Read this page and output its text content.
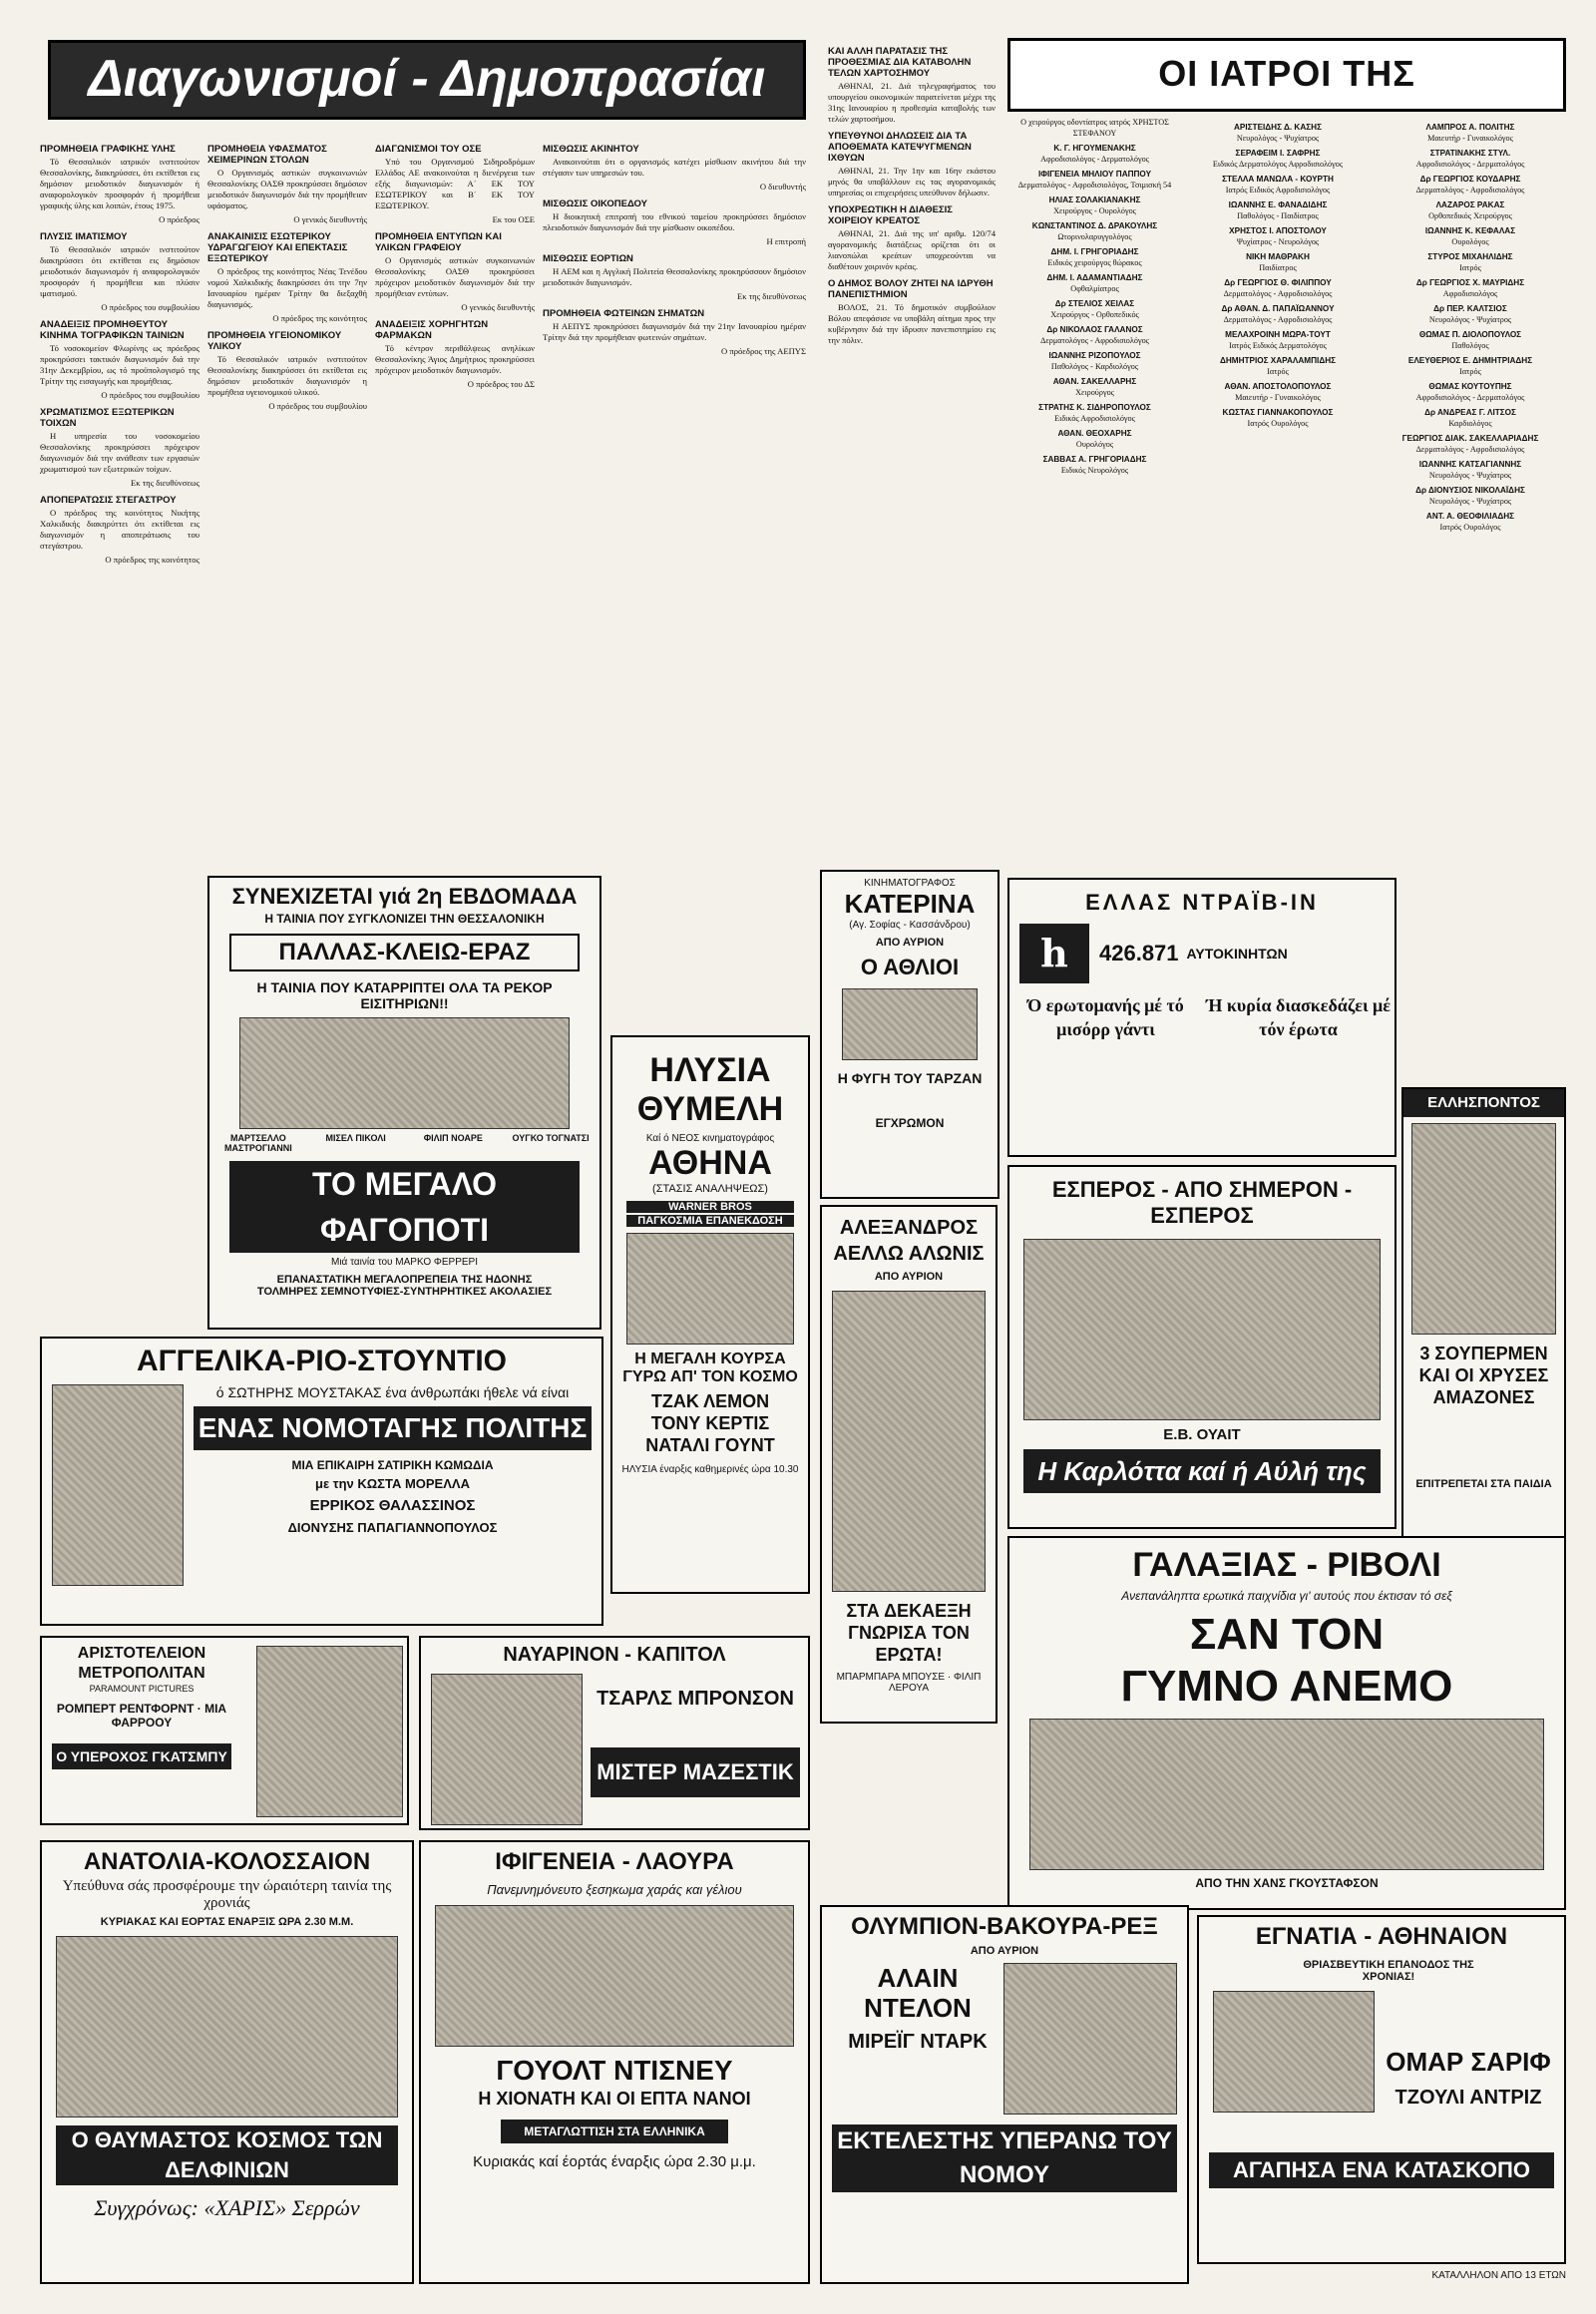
Διαγωνισμοί - Δημοπρασίαι
ΠΡΟΜΗΘΕΙΑ ΓΡΑΦΙΚΗΣ ΥΛΗΣ

Τό Θεσσαλικόν ιατρικόν ινστιτούτον Θεσσαλονίκης, διακηρύσσει, ότι εκτίθεται εις δημόσιον μειοδοτικόν διαγωνισμόν ή αναφορολογικόν προσφοράν ή προμήθεια γραφικής ύλης και λοιπών, έτους 1975.

Ο πρόεδρος
ΠΛΥΣΙΣ ΙΜΑΤΙΣΜΟΥ

Τό Θεσσαλικόν ιατρικόν ινστιτούτον διακηρύσσει ότι εκτίθεται εις δημόσιον μειοδοτικόν διαγωνισμόν ή αναφορολογικόν προσφοράν ή προμήθεια και πλύσιν ιματισμού.

Ο πρόεδρος του συμβουλίου
ΑΝΑΔΕΙΞΙΣ ΠΡΟΜΗΘΕΥΤΟΥ ΚΙΝΗΜΑ ΤΟΓΡΑΦΙΚΩΝ ΤΑΙΝΙΩΝ

Τό νοσοκομείον Φλωρίνης ως πρόεδρος προκηρύσσει τακτικόν διαγωνισμόν διά την 31ην Δεκεμβρίου, ως τό προϋπολογισμό της Τρίτην της εισαγωγής και προμήθειας.

Ο πρόεδρος του συμβουλίου
ΧΡΩΜΑΤΙΣΜΟΣ ΕΞΩΤΕΡΙΚΩΝ ΤΟΙΧΩΝ

Η υπηρεσία του νοσοκομείου Θεσσαλονίκης προκηρύσσει πρόχειρον διαγωνισμόν διά την ανάθεσιν των εργασιών χρωματισμού των εξωτερικών τοίχων.

Εκ της διευθύνσεως
ΑΠΟΠΕΡΑΤΩΣΙΣ ΣΤΕΓΑΣΤΡΟΥ

Ο πρόεδρος της κοινότητος Νικήτης Χαλκιδικής διακηρύττει ότι εκτίθεται εις διαγωνισμόν η αποπεράτωσις του στεγάστρου.

Ο πρόεδρος της κοινότητος
ΠΡΟΜΗΘΕΙΑ ΥΦΑΣΜΑΤΟΣ ΧΕΙΜΕΡΙΝΩΝ ΣΤΟΛΩΝ

Ο Οργανισμός αστικών συγκοινωνιών Θεσσαλονίκης ΟΑΣΘ προκηρύσσει δημόσιον μειοδοτικόν διαγωνισμόν διά την προμήθειαν υφάσματος.

Ο γενικός διευθυντής
ΑΝΑΚΑΙΝΙΣΙΣ ΕΣΩΤΕΡΙΚΟΥ ΥΔΡΑΓΩΓΕΙΟΥ ΚΑΙ ΕΠΕΚΤΑΣΙΣ ΕΞΩΤΕΡΙΚΟΥ

Ο πρόεδρος της κοινότητος Νέας Τενέδου νομού Χαλκιδικής διακηρύσσει ότι την 7ην Ιανουαρίου ημέραν Τρίτην θα διεξαχθή διαγωνισμός.

Ο πρόεδρος της κοινότητος
ΠΡΟΜΗΘΕΙΑ ΥΓΕΙΟΝΟΜΙΚΟΥ ΥΛΙΚΟΥ

Τό Θεσσαλικόν ιατρικόν ινστιτούτον Θεσσαλονίκης διακηρύσσει ότι εκτίθεται εις δημόσιον μειοδοτικόν διαγωνισμόν η προμήθεια υγειονομικού υλικού.

Ο πρόεδρος του συμβουλίου
ΔΙΑΓΩΝΙΣΜΟΙ ΤΟΥ ΟΣΕ

Υπό του Οργανισμού Σιδηροδρόμων Ελλάδος ΑΕ ανακοινούται η διενέργεια των εξής διαγωνισμών: Α΄ ΕΚ ΤΟΥ ΕΣΩΤΕΡΙΚΟΥ και Β΄ ΕΚ ΤΟΥ ΕΞΩΤΕΡΙΚΟΥ.

Εκ του ΟΣΕ
ΠΡΟΜΗΘΕΙΑ ΕΝΤΥΠΩΝ ΚΑΙ ΥΛΙΚΩΝ ΓΡΑΦΕΙΟΥ

Ο Οργανισμός αστικών συγκοινωνιών Θεσσαλονίκης ΟΑΣΘ προκηρύσσει πρόχειρον μειοδοτικόν διαγωνισμόν διά την προμήθειαν εντύπων.

Ο γενικός διευθυντής
ΑΝΑΔΕΙΞΙΣ ΧΟΡΗΓΗΤΩΝ ΦΑΡΜΑΚΩΝ

Τό κέντρον περιθάλψεως ανηλίκων Θεσσαλονίκης Άγιος Δημήτριος προκηρύσσει πρόχειρον μειοδοτικόν διαγωνισμόν.

Ο πρόεδρος του ΔΣ
ΜΙΣΘΩΣΙΣ ΑΚΙΝΗΤΟΥ

Ανακοινούται ότι ο οργανισμός κατέχει μίσθωσιν ακινήτου διά την στέγασιν των υπηρεσιών του.

Ο διευθυντής
ΜΙΣΘΩΣΙΣ ΟΙΚΟΠΕΔΟΥ

Η διοικητική επιτροπή του εθνικού ταμείου προκηρύσσει δημόσιον πλειοδοτικόν διαγωνισμόν διά την μίσθωσιν οικοπέδου.

Η επιτροπή
ΜΙΣΘΩΣΙΣ ΕΟΡΤΙΩΝ

Η ΑΕΜ και η Αγγλική Πολιτεία Θεσσαλονίκης προκηρύσσουν δημόσιον μειοδοτικόν διαγωνισμόν.

Εκ της διευθύνσεως
ΠΡΟΜΗΘΕΙΑ ΦΩΤΕΙΝΩΝ ΣΗΜΑΤΩΝ

Η ΑΕΠΥΣ προκηρύσσει διαγωνισμόν διά την 21ην Ιανουαρίου ημέραν Τρίτην διά την προμήθειαν φωτεινών σημάτων.

Ο πρόεδρος της ΑΕΠΥΣ
ΚΑΙ ΑΛΛΗ ΠΑΡΑΤΑΣΙΣ ΤΗΣ ΠΡΟΘΕΣΜΙΑΣ ΔΙΑ ΚΑΤΑΒΟΛΗΝ ΤΕΛΩΝ ΧΑΡΤΟΣΗΜΟΥ

ΑΘΗΝΑΙ, 21. Διά τηλεγραφήματος του υπουργείου οικονομικών παρατείνεται μέχρι της 31ης Ιανουαρίου η προθεσμία καταβολής των τελών χαρτοσήμου.

ΥΠΕΥΘΥΝΟΙ ΔΗΛΩΣΕΙΣ ΔΙΑ ΤΑ ΑΠΟΘΕΜΑΤΑ ΚΑΤΕΨΥΓΜΕΝΩΝ ΙΧΘΥΩΝ

ΑΘΗΝΑΙ, 21. Την 1ην και 16ην εκάστου μηνός θα υποβάλλουν εις τας αγορανομικάς υπηρεσίας οι επιχειρήσεις υπεύθυνον δήλωσιν.

ΥΠΟΧΡΕΩΤΙΚΗ Η ΔΙΑΘΕΣΙΣ ΧΟΙΡΕΙΟΥ ΚΡΕΑΤΟΣ

ΑΘΗΝΑΙ, 21. Διά της υπ' αριθμ. 120/74 αγορανομικής διατάξεως ορίζεται ότι οι λιανοπώλαι κρεάτων υποχρεούνται να διαθέτουν χοιρινόν κρέας.

Ο ΔΗΜΟΣ ΒΟΛΟΥ ΖΗΤΕΙ ΝΑ ΙΔΡΥΘΗ ΠΑΝΕΠΙΣΤΗΜΙΟΝ

ΒΟΛΟΣ, 21. Τό δημοτικόν συμβούλιον Βόλου απεφάσισε να υποβάλη αίτημα προς την κυβέρνησιν διά την ίδρυσιν πανεπιστημίου εις την πόλιν.

ΟΙ ΙΑΤΡΟΙ ΤΗΣ
Ο χειρούργος οδοντίατρος ιατρός ΧΡΗΣΤΟΣ ΣΤΕΦΑΝΟΥ
Κ. Γ. ΗΓΟΥΜΕΝΑΚΗΣ
Αφροδισιολόγος - Δερματολόγος
ΙΦΙΓΕΝΕΙΑ ΜΗΛΙΟΥ ΠΑΠΠΟΥ
Δερματολόγος - Αφροδισιολόγος, Τσιμισκή 54
ΗΛΙΑΣ ΣΟΛΑΚΙΑΝΑΚΗΣ
Χειρούργος - Ουρολόγος
ΚΩΝΣΤΑΝΤΙΝΟΣ Δ. ΔΡΑΚΟΥΛΗΣ
Ωτορινολαρυγγολόγος
ΔΗΜ. Ι. ΓΡΗΓΟΡΙΑΔΗΣ
Ειδικός χειρούργος θώρακος
ΔΗΜ. Ι. ΑΔΑΜΑΝΤΙΑΔΗΣ
Οφθαλμίατρος
Δρ ΣΤΕΛΙΟΣ ΧΕΙΛΑΣ
Χειρούργος - Ορθοπεδικός
Δρ ΝΙΚΟΛΑΟΣ ΓΑΛΑΝΟΣ
Δερματολόγος - Αφροδισιολόγος
ΙΩΑΝΝΗΣ ΡΙΖΟΠΟΥΛΟΣ
Παθολόγος - Καρδιολόγος
ΑΘΑΝ. ΣΑΚΕΛΛΑΡΗΣ
Χειρούργος
ΣΤΡΑΤΗΣ Κ. ΣΙΔΗΡΟΠΟΥΛΟΣ
Ειδικός Αφροδισιολόγος
ΑΘΑΝ. ΘΕΟΧΑΡΗΣ
Ουρολόγος
ΣΑΒΒΑΣ Α. ΓΡΗΓΟΡΙΑΔΗΣ
Ειδικός Νευρολόγος
ΑΡΙΣΤΕΙΔΗΣ Δ. ΚΑΣΗΣ
Νευρολόγος - Ψυχίατρος
ΣΕΡΑΦΕΙΜ Ι. ΣΑΦΡΗΣ
Ειδικός Δερματολόγος Αφροδισιολόγος
ΣΤΕΛΛΑ ΜΑΝΩΛΑ - ΚΟΥΡΤΗ
Ιατρός Ειδικός Αφροδισιολόγος
ΙΩΑΝΝΗΣ Ε. ΦΑΝΑΔΙΔΗΣ
Παθολόγος - Παιδίατρος
ΧΡΗΣΤΟΣ Ι. ΑΠΟΣΤΟΛΟΥ
Ψυχίατρος - Νευρολόγος
ΝΙΚΗ ΜΑΘΡΑΚΗ
Παιδίατρος
Δρ ΓΕΩΡΓΙΟΣ Θ. ΦΙΛΙΠΠΟΥ
Δερματολόγος - Αφροδισιολόγος
Δρ ΑΘΑΝ. Δ. ΠΑΠΑΪΩΑΝΝΟΥ
Δερματολόγος - Αφροδισιολόγος
ΜΕΛΑΧΡΟΙΝΗ ΜΩΡΑ-ΤΟΥΤ
Ιατρός Ειδικός Δερματολόγος
ΔΗΜΗΤΡΙΟΣ ΧΑΡΑΛΑΜΠΙΔΗΣ
Ιατρός
ΑΘΑΝ. ΑΠΟΣΤΟΛΟΠΟΥΛΟΣ
Μαιευτήρ - Γυναικολόγος
ΚΩΣΤΑΣ ΓΙΑΝΝΑΚΟΠΟΥΛΟΣ
Ιατρός Ουρολόγος
ΛΑΜΠΡΟΣ Α. ΠΟΛΙΤΗΣ
Μαιευτήρ - Γυναικολόγος
ΣΤΡΑΤΙΝΑΚΗΣ ΣΤΥΛ.
Αφροδισιολόγος - Δερματολόγος
Δρ ΓΕΩΡΓΙΟΣ ΚΟΥΔΑΡΗΣ
Δερματολόγος - Αφροδισιολόγος
ΛΑΖΑΡΟΣ ΡΑΚΑΣ
Ορθοπεδικός Χειρούργος
ΙΩΑΝΝΗΣ Κ. ΚΕΦΑΛΑΣ
Ουρολόγος
ΣΤΥΡΟΣ ΜΙΧΑΗΛΙΔΗΣ
Ιατρός
Δρ ΓΕΩΡΓΙΟΣ Χ. ΜΑΥΡΙΔΗΣ
Αφροδισιολόγος
Δρ ΠΕΡ. ΚΑΛΤΣΙΟΣ
Νευρολόγος - Ψυχίατρος
ΘΩΜΑΣ Π. ΔΙΟΛΟΠΟΥΛΟΣ
Παθολόγος
ΕΛΕΥΘΕΡΙΟΣ Ε. ΔΗΜΗΤΡΙΑΔΗΣ
Ιατρός
ΘΩΜΑΣ ΚΟΥΤΟΥΠΗΣ
Αφροδισιολόγος - Δερματολόγος
Δρ ΑΝΔΡΕΑΣ Γ. ΛΙΤΣΟΣ
Καρδιολόγος
ΓΕΩΡΓΙΟΣ ΔΙΑΚ. ΣΑΚΕΛΛΑΡΙΑΔΗΣ
Δερματολόγος - Αφροδισιολόγος
ΙΩΑΝΝΗΣ ΚΑΤΣΑΓΙΑΝΝΗΣ
Νευρολόγος - Ψυχίατρος
Δρ ΔΙΟΝΥΣΙΟΣ ΝΙΚΟΛΑΪΔΗΣ
Νευρολόγος - Ψυχίατρος
ΑΝΤ. Α. ΘΕΟΦΙΛΙΑΔΗΣ
Ιατρός Ουρολόγος
ΣΥΝΕΧΙΖΕΤΑΙ γιά 2η ΕΒΔΟΜΑΔΑ
Η ΤΑΙΝΙΑ ΠΟΥ ΣΥΓΚΛΟΝΙΖΕΙ ΤΗΝ ΘΕΣΣΑΛΟΝΙΚΗ
ΠΑΛΛΑΣ-ΚΛΕΙΩ-ΕΡΑΖ
Η ΤΑΙΝΙΑ ΠΟΥ ΚΑΤΑΡΡΙΠΤΕΙ ΟΛΑ ΤΑ ΡΕΚΟΡ ΕΙΣΙΤΗΡΙΩΝ!!
ΜΑΡΤΣΕΛΛΟ ΜΑΣΤΡΟΓΙΑΝΝΙ
ΜΙΣΕΛ ΠΙΚΟΛΙ	ΦΙΛΙΠ ΝΟΑΡΕ	ΟΥΓΚΟ ΤΟΓΝΑΤΣΙ
ΤΟ ΜΕΓΑΛΟ ΦΑΓΟΠΟΤΙ
Μιά ταινία του ΜΑΡΚΟ ΦΕΡΡΕΡΙ
ΕΠΑΝΑΣΤΑΤΙΚΗ ΜΕΓΑΛΟΠΡΕΠΕΙΑ ΤΗΣ ΗΔΟΝΗΣ
ΤΟΛΜΗΡΕΣ ΣΕΜΝΟΤΥΦΙΕΣ-ΣΥΝΤΗΡΗΤΙΚΕΣ ΑΚΟΛΑΣΙΕΣ
ΗΛΥΣΙΑ
ΘΥΜΕΛΗ
Καί ό ΝΕΟΣ κινηματογράφος
ΑΘΗΝΑ
(ΣΤΑΣΙΣ ΑΝΑΛΗΨΕΩΣ)
WARNER BROS
ΠΑΓΚΟΣΜΙΑ ΕΠΑΝΕΚΔΟΣΗ
Η ΜΕΓΑΛΗ ΚΟΥΡΣΑ ΓΥΡΩ ΑΠ' ΤΟΝ ΚΟΣΜΟ
ΤΖΑΚ ΛΕΜΟΝ
ΤΟΝΥ ΚΕΡΤΙΣ
ΝΑΤΑΛΙ ΓΟΥΝΤ
ΗΛΥΣΙΑ έναρξις καθημερινές ώρα 10.30
ΚΙΝΗΜΑΤΟΓΡΑΦΟΣ
ΚΑΤΕΡΙΝΑ
(Αγ. Σοφίας - Κασσάνδρου)
ΑΠΟ ΑΥΡΙΟΝ
Ο ΑΘΛΙΟΙ
Η ΦΥΓΗ ΤΟΥ ΤΑΡΖΑΝ
ΕΓΧΡΩΜΟΝ
ΕΛΛΑΣ ΝΤΡΑΪΒ-ΙΝ
h	426.871 ΑΥΤΟΚΙΝΗΤΩΝ
Ό ερωτομανής μέ τό μισόρρ γάντι
Ή κυρία διασκεδάζει μέ τόν έρωτα
ΕΛΛΗΣΠΟΝΤΟΣ
3 ΣΟΥΠΕΡΜΕΝ ΚΑΙ ΟΙ ΧΡΥΣΕΣ ΑΜΑΖΟΝΕΣ
ΕΠΙΤΡΕΠΕΤΑΙ ΣΤΑ ΠΑΙΔΙΑ
ΑΛΕΞΑΝΔΡΟΣ ΑΕΛΛΩ ΑΛΩΝΙΣ
ΑΠΟ ΑΥΡΙΟΝ
ΣΤΑ ΔΕΚΑΕΞΗ ΓΝΩΡΙΣΑ ΤΟΝ ΕΡΩΤΑ!
ΜΠΑΡΜΠΑΡΑ ΜΠΟΥΣΕ · ΦΙΛΙΠ ΛΕΡΟΥΑ
ΕΣΠΕΡΟΣ - ΑΠΟ ΣΗΜΕΡΟΝ - ΕΣΠΕΡΟΣ
Ε.Β. ΟΥΑΙΤ
Η Καρλόττα καί ή Αύλή της
ΑΓΓΕΛΙΚΑ-ΡΙΟ-ΣΤΟΥΝΤΙΟ
ό ΣΩΤΗΡΗΣ ΜΟΥΣΤΑΚΑΣ ένα άνθρωπάκι ήθελε νά είναι
ΕΝΑΣ ΝΟΜΟΤΑΓΗΣ ΠΟΛΙΤΗΣ
ΜΙΑ ΕΠΙΚΑΙΡΗ ΣΑΤΙΡΙΚΗ ΚΩΜΩΔΙΑ
με την ΚΩΣΤΑ ΜΟΡΕΛΛΑ
ΕΡΡΙΚΟΣ ΘΑΛΑΣΣΙΝΟΣ
ΔΙΟΝΥΣΗΣ ΠΑΠΑΓΙΑΝΝΟΠΟΥΛΟΣ
ΑΡΙΣΤΟΤΕΛΕΙΟΝ ΜΕΤΡΟΠΟΛΙΤΑΝ
PARAMOUNT PICTURES
ΡΟΜΠΕΡΤ ΡΕΝΤΦΟΡΝΤ · ΜΙΑ ΦΑΡΡΟΟΥ
Ο ΥΠΕΡΟΧΟΣ ΓΚΑΤΣΜΠΥ
ΝΑΥΑΡΙΝΟΝ - ΚΑΠΙΤΟΛ
ΤΣΑΡΛΣ ΜΠΡΟΝΣΟΝ
ΜΙΣΤΕΡ ΜΑΖΕΣΤΙΚ
ΓΑΛΑΞΙΑΣ - ΡΙΒΟΛΙ
Ανεπανάληπτα ερωτικά παιχνίδια γι' αυτούς που έκτισαν τό σεξ
ΣΑΝ ΤΟΝ ΓΥΜΝΟ ΑΝΕΜΟ
ΑΠΟ ΤΗΝ ΧΑΝΣ ΓΚΟΥΣΤΑΦΣΟΝ
ΑΝΑΤΟΛΙΑ-ΚΟΛΟΣΣΑΙΟΝ
Υπεύθυνα σάς προσφέρουμε την ώραιότερη ταινία της χρονιάς
ΚΥΡΙΑΚΑΣ ΚΑΙ ΕΟΡΤΑΣ ΕΝΑΡΞΙΣ ΩΡΑ 2.30 Μ.Μ.
Ο ΘΑΥΜΑΣΤΟΣ ΚΟΣΜΟΣ ΤΩΝ ΔΕΛΦΙΝΙΩΝ
Συγχρόνως: «ΧΑΡΙΣ» Σερρών
ΙΦΙΓΕΝΕΙΑ - ΛΑΟΥΡΑ
Πανεμνημόνευτο ξεσηκωμα χαράς και γέλιου
ΓΟΥΟΛΤ ΝΤΙΣΝΕΥ
Η ΧΙΟΝΑΤΗ ΚΑΙ ΟΙ ΕΠΤΑ ΝΑΝΟΙ
ΜΕΤΑΓΛΩΤΤΙΣΗ ΣΤΑ ΕΛΛΗΝΙΚΑ
Κυριακάς καί έορτάς έναρξις ώρα 2.30 μ.μ.
ΟΛΥΜΠΙΟΝ-ΒΑΚΟΥΡΑ-ΡΕΞ
ΑΠΟ ΑΥΡΙΟΝ
ΑΛΑΙΝ ΝΤΕΛΟΝ
ΜΙΡΕΪΓ ΝΤΑΡΚ
ΕΚΤΕΛΕΣΤΗΣ ΥΠΕΡΑΝΩ ΤΟΥ ΝΟΜΟΥ
ΕΓΝΑΤΙΑ - ΑΘΗΝΑΙΟΝ
ΘΡΙΑΣΒΕΥΤΙΚΗ ΕΠΑΝΟΔΟΣ ΤΗΣ ΧΡΟΝΙΑΣ!
ΟΜΑΡ ΣΑΡΙΦ
ΤΖΟΥΛΙ ΑΝΤΡΙΖ
ΑΓΑΠΗΣΑ ΕΝΑ ΚΑΤΑΣΚΟΠΟ
ΚΑΤΑΛΛΗΛΟΝ ΑΠΟ 13 ΕΤΩΝ
